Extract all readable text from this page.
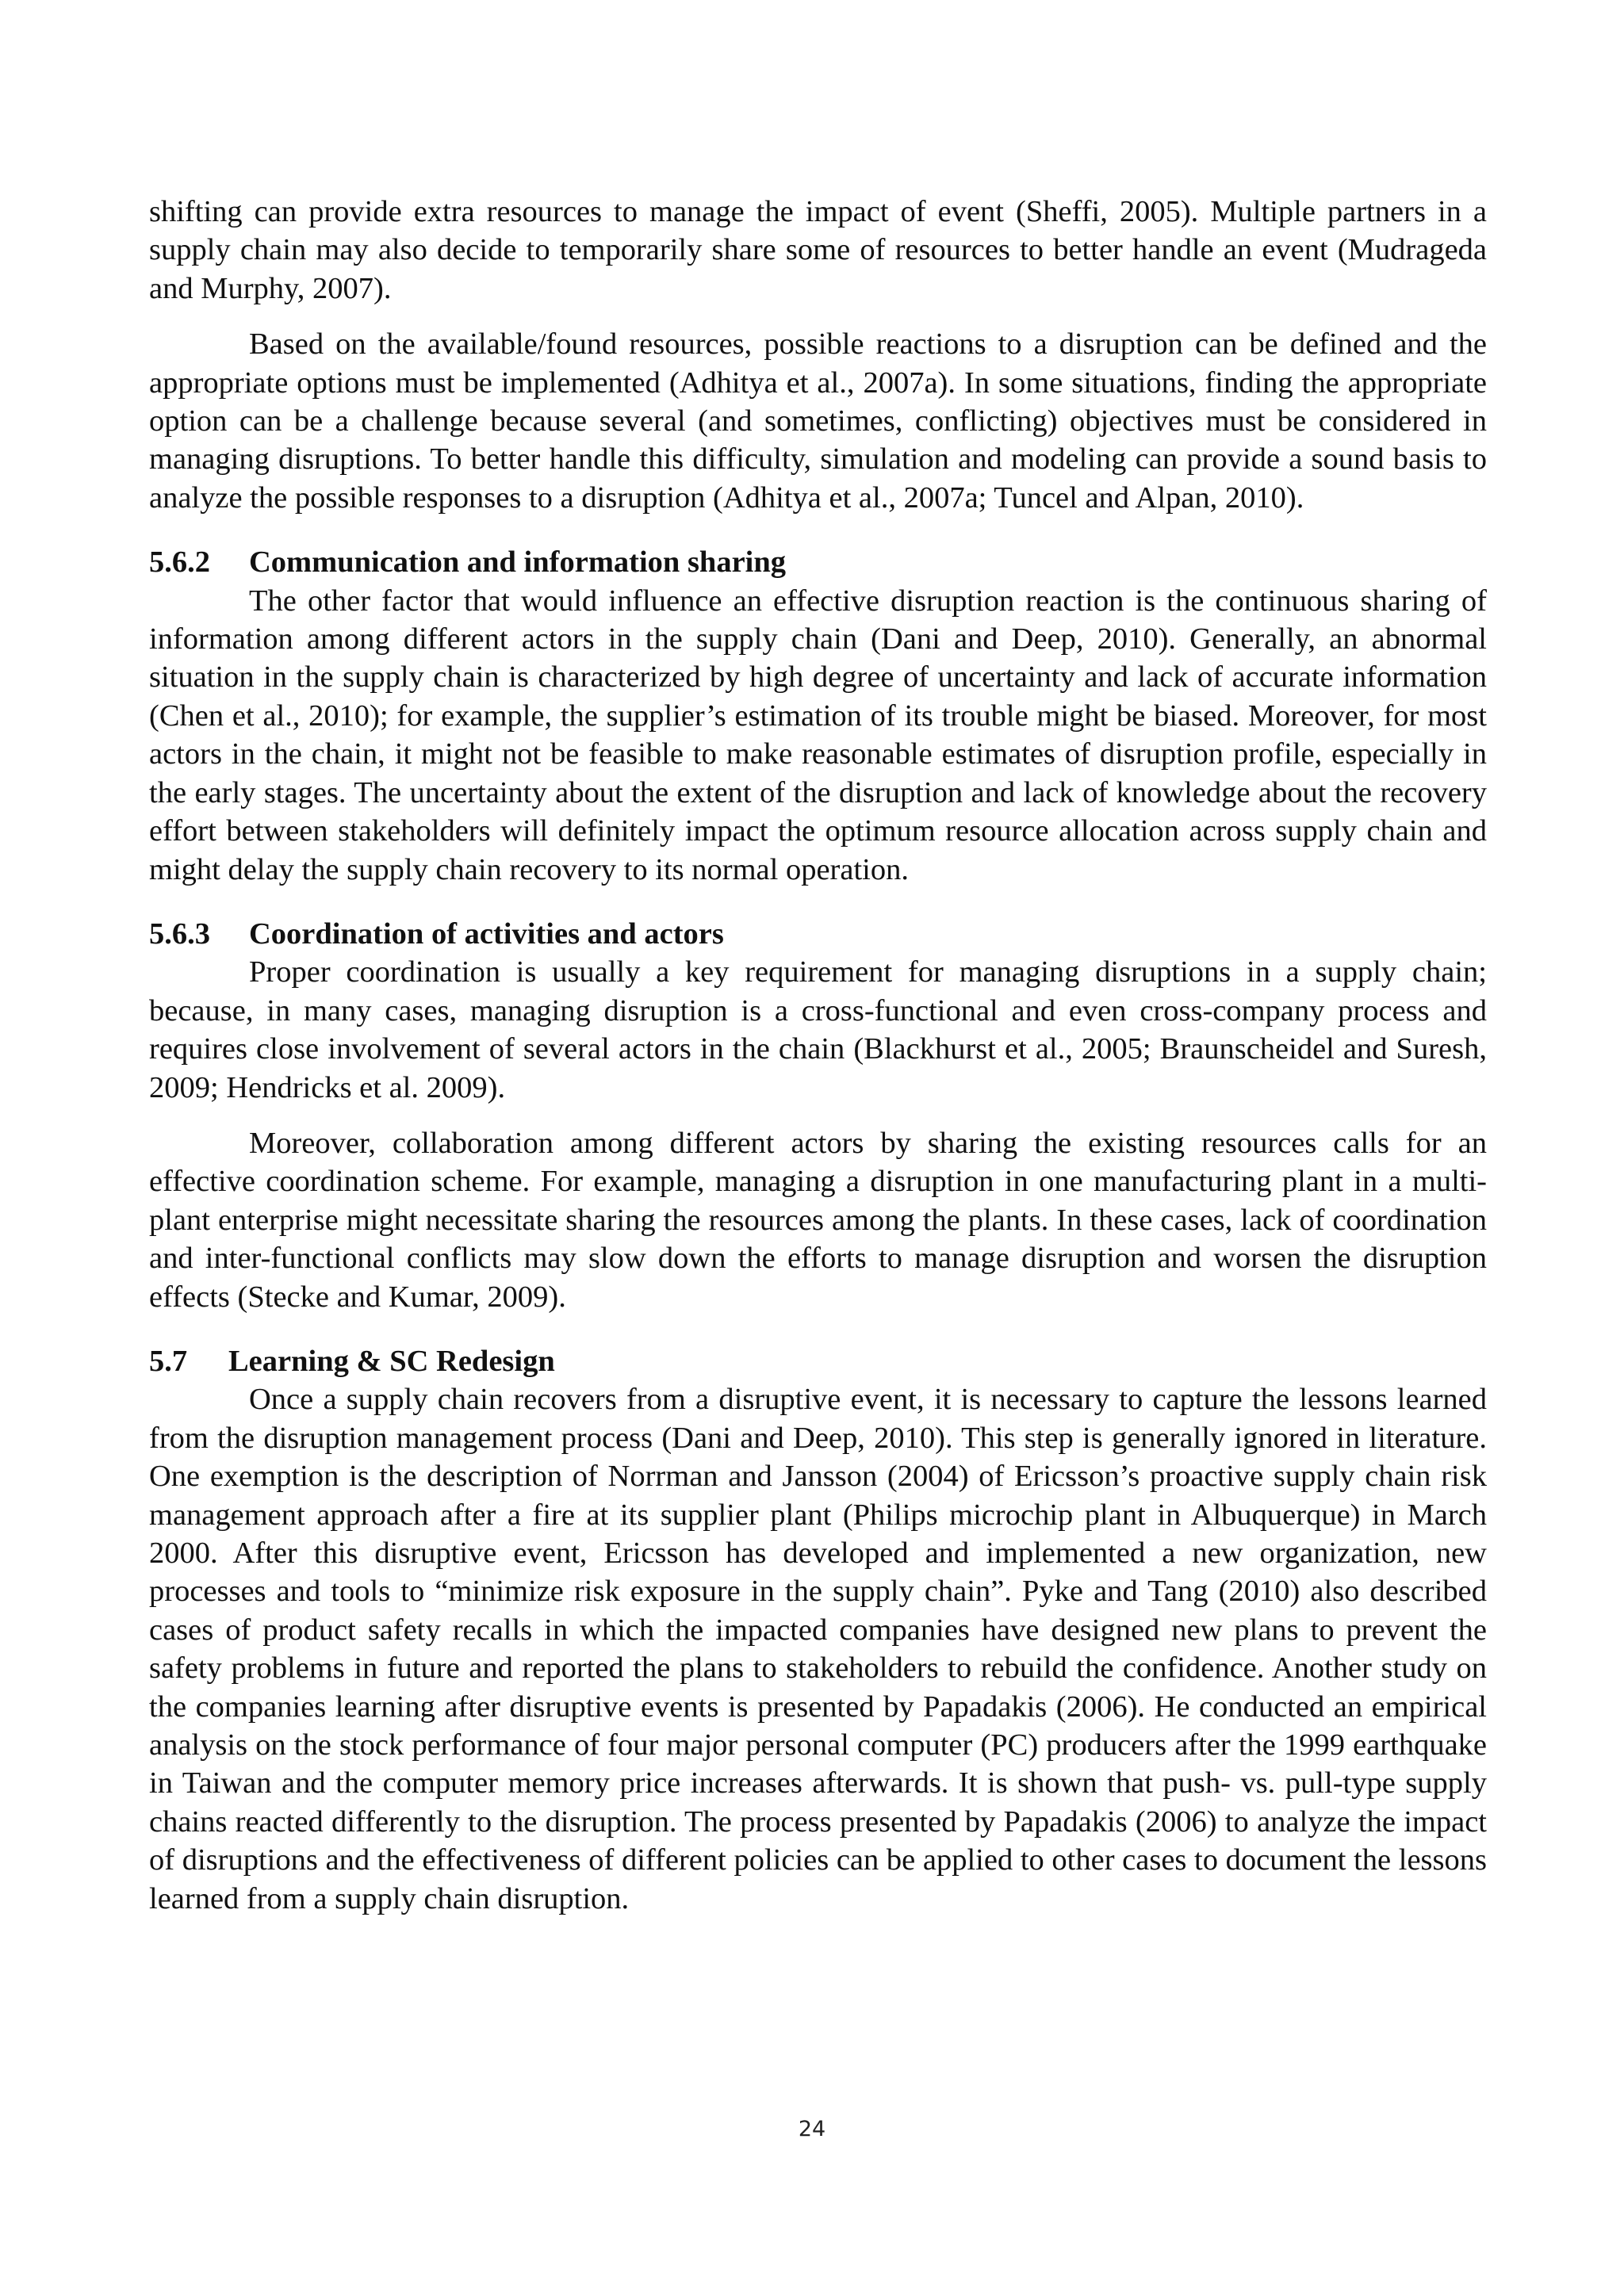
shifting can provide extra resources to manage the impact of event (Sheffi, 2005). Multiple partners in a supply chain may also decide to temporarily share some of resources to better handle an event (Mudrageda and Murphy, 2007).

Based on the available/found resources, possible reactions to a disruption can be defined and the appropriate options must be implemented (Adhitya et al., 2007a). In some situations, finding the appropriate option can be a challenge because several (and sometimes, conflicting) objectives must be considered in managing disruptions. To better handle this difficulty, simulation and modeling can provide a sound basis to analyze the possible responses to a disruption (Adhitya et al., 2007a; Tuncel and Alpan, 2010).

5.6.2 Communication and information sharing

The other factor that would influence an effective disruption reaction is the continuous sharing of information among different actors in the supply chain (Dani and Deep, 2010). Generally, an abnormal situation in the supply chain is characterized by high degree of uncertainty and lack of accurate information (Chen et al., 2010); for example, the supplier’s estimation of its trouble might be biased. Moreover, for most actors in the chain, it might not be feasible to make reasonable estimates of disruption profile, especially in the early stages. The uncertainty about the extent of the disruption and lack of knowledge about the recovery effort between stakeholders will definitely impact the optimum resource allocation across supply chain and might delay the supply chain recovery to its normal operation.

5.6.3 Coordination of activities and actors

Proper coordination is usually a key requirement for managing disruptions in a supply chain; because, in many cases, managing disruption is a cross-functional and even cross-company process and requires close involvement of several actors in the chain (Blackhurst et al., 2005; Braunscheidel and Suresh, 2009; Hendricks et al. 2009).

Moreover, collaboration among different actors by sharing the existing resources calls for an effective coordination scheme. For example, managing a disruption in one manufacturing plant in a multi-plant enterprise might necessitate sharing the resources among the plants. In these cases, lack of coordination and inter-functional conflicts may slow down the efforts to manage disruption and worsen the disruption effects (Stecke and Kumar, 2009).

5.7 Learning & SC Redesign

Once a supply chain recovers from a disruptive event, it is necessary to capture the lessons learned from the disruption management process (Dani and Deep, 2010). This step is generally ignored in literature. One exemption is the description of Norrman and Jansson (2004) of Ericsson’s proactive supply chain risk management approach after a fire at its supplier plant (Philips microchip plant in Albuquerque) in March 2000. After this disruptive event, Ericsson has developed and implemented a new organization, new processes and tools to “minimize risk exposure in the supply chain”. Pyke and Tang (2010) also described cases of product safety recalls in which the impacted companies have designed new plans to prevent the safety problems in future and reported the plans to stakeholders to rebuild the confidence. Another study on the companies learning after disruptive events is presented by Papadakis (2006). He conducted an empirical analysis on the stock performance of four major personal computer (PC) producers after the 1999 earthquake in Taiwan and the computer memory price increases afterwards. It is shown that push- vs. pull-type supply chains reacted differently to the disruption. The process presented by Papadakis (2006) to analyze the impact of disruptions and the effectiveness of different policies can be applied to other cases to document the lessons learned from a supply chain disruption.

24
